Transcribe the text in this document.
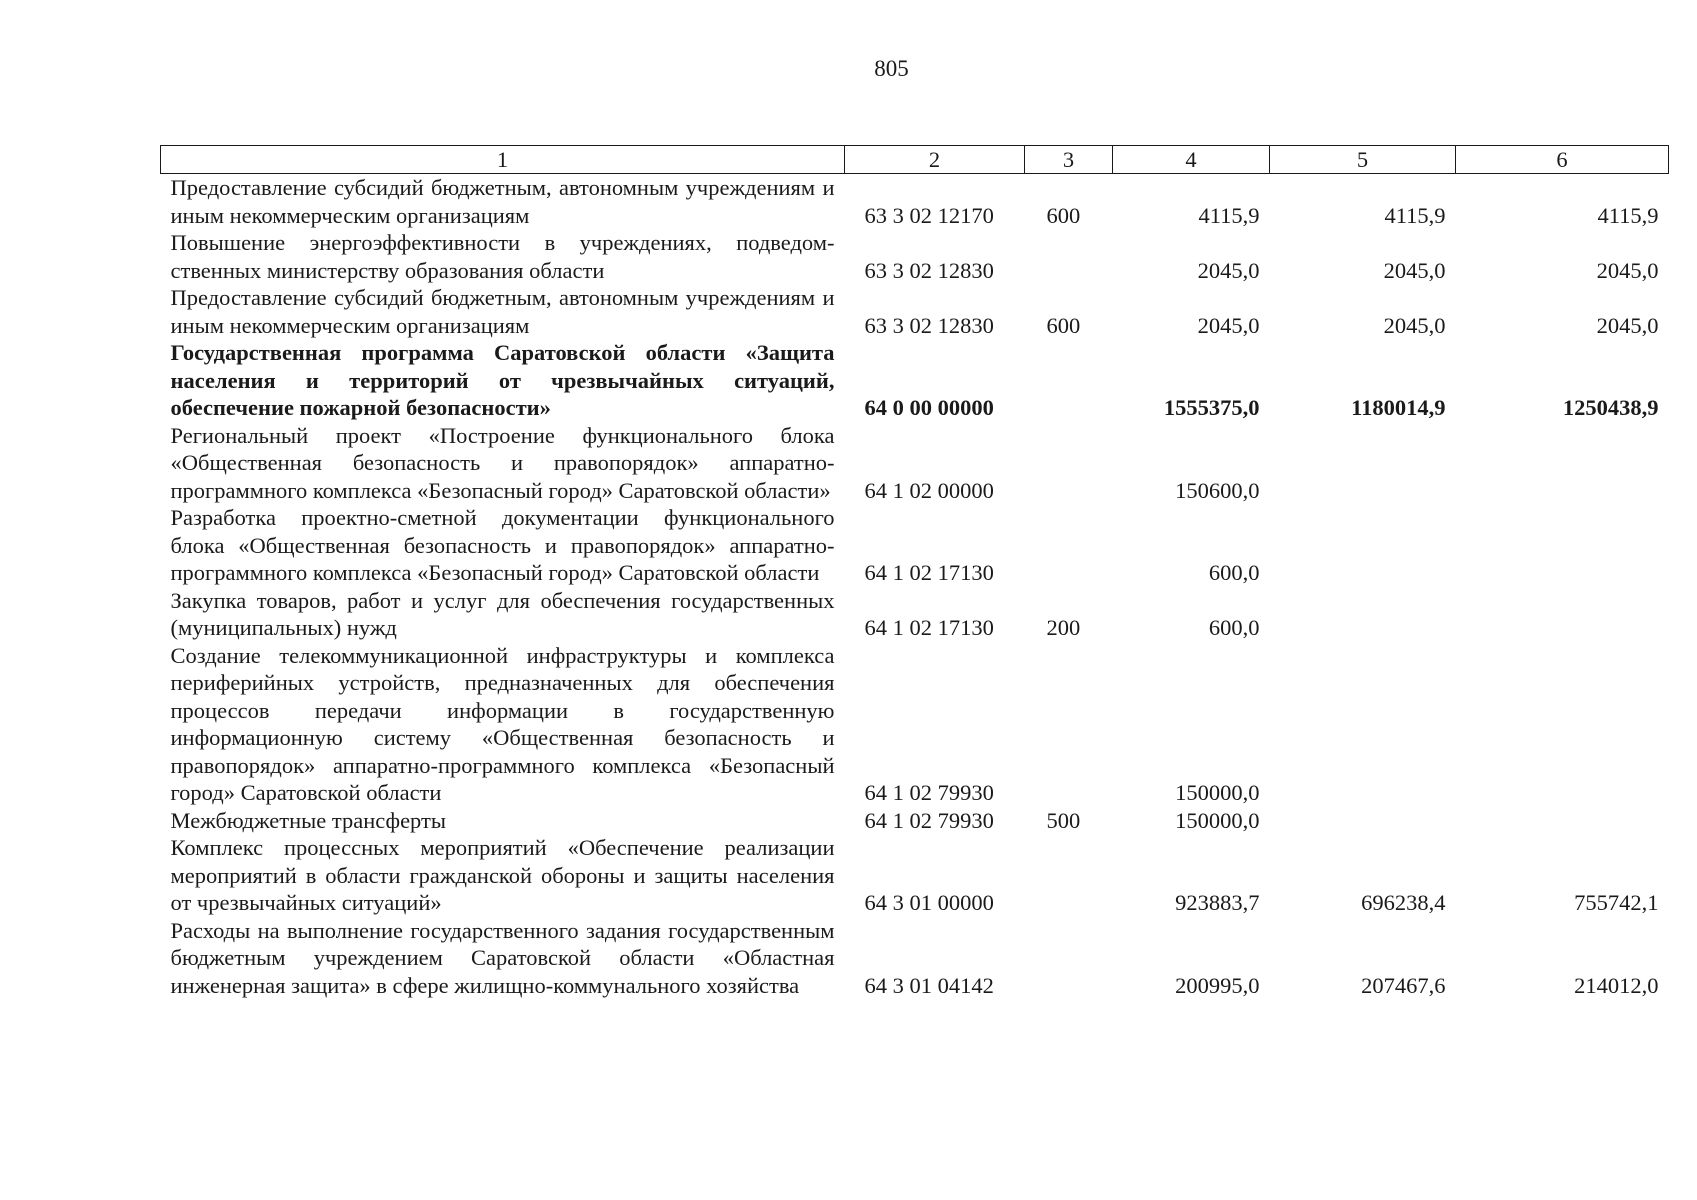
805
1	2	3	4	5	6
Предоставление субсидий бюджетным, автономным учреждениям и иным некоммерческим организациям	63 3 02 12170	600	4115,9	4115,9	4115,9
Повышение энергоэффективности в учреждениях, подведомственных министерству образования области	63 3 02 12830		2045,0	2045,0	2045,0
Предоставление субсидий бюджетным, автономным учреждениям и иным некоммерческим организациям	63 3 02 12830	600	2045,0	2045,0	2045,0
Государственная программа Саратовской области «Защита населения и территорий от чрезвычайных ситуаций, обеспечение пожарной безопасности»	64 0 00 00000		1555375,0	1180014,9	1250438,9
Региональный проект «Построение функционального блока «Общественная безопасность и правопорядок» аппаратно-программного комплекса «Безопасный город» Саратовской области»	64 1 02 00000		150600,0		
Разработка проектно-сметной документации функционального блока «Общественная безопасность и правопорядок» аппаратно-программного комплекса «Безопасный город» Саратовской области	64 1 02 17130		600,0		
Закупка товаров, работ и услуг для обеспечения государственных (муниципальных) нужд	64 1 02 17130	200	600,0		
Создание телекоммуникационной инфраструктуры и комплекса периферийных устройств, предназначенных для обеспечения процессов передачи информации в государственную информационную систему «Общественная безопасность и правопорядок» аппаратно-программного комплекса «Безопасный город» Саратовской области	64 1 02 79930		150000,0		
Межбюджетные трансферты	64 1 02 79930	500	150000,0		
Комплекс процессных мероприятий «Обеспечение реализации мероприятий в области гражданской обороны и защиты населения от чрезвычайных ситуаций»	64 3 01 00000		923883,7	696238,4	755742,1
Расходы на выполнение государственного задания государственным бюджетным учреждением Саратовской области «Областная инженерная защита» в сфере жилищно-коммунального хозяйства	64 3 01 04142		200995,0	207467,6	214012,0
